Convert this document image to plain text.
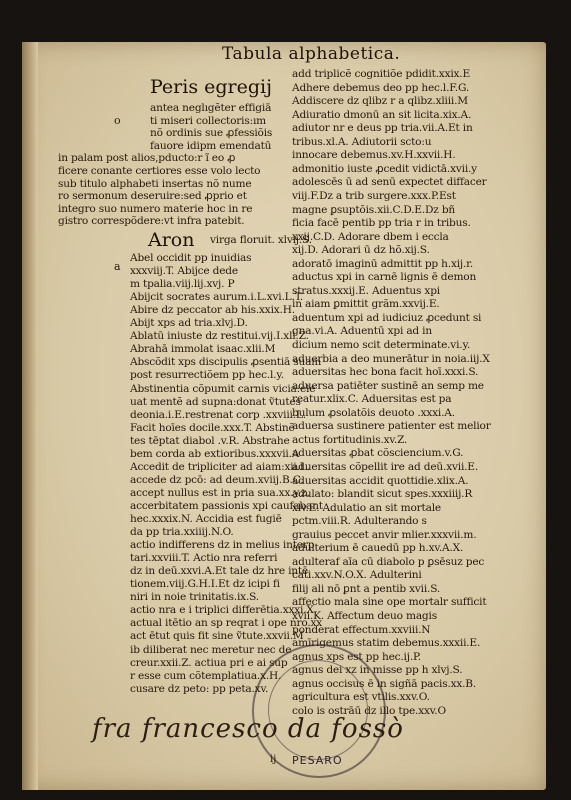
Tabula alphabetica.
Peris egregij
antea neglıgẽter effigiā
ti miseri collectoris:ım
nõ ordinis sue ꝓfessiõis
fauore idipm emendatū
in palam post alios,pducto:r ĩ eo ꝓ
ficere conante certiores esse volo lecto
sub titulo alphabeti insertas nõ nume
ro sermonum deseruire:sed ꝓprio et
integro suo numero materie hoc in re
gistro correspõdere:vt infra patebit.
Aron virga floruit. xlvij.S.
Abel occidit pp inuidias
xxxviij.T. Abijce dede
m tpalia.viij.lij.xvj. P
Abijcit socrates aurum.i.L.xvi.L.T.
Abire dz peccator ab his.xxix.H.
Abijt xps ad tria.xlvj.D.
Ablatū iniuste dz restitui.vij.I.xli.Z.
Abrahā immolat isaac.xlii.M
Abscõdit xps discipulis ꝓsentiā suam
post resurrectiõem pp hec.l.y.
Abstinentia cõpumit carnis vicia:ele
uat mentẽ ad supna:donat ṽtutes
deonia.i.E.restrenat corp .xxviii.L.
Facit hoīes docile.xxx.T. Abstinẽ
tes tēptat diabol .v.R. Abstrahe
bem corda ab extioribus.xxxvii.A
Accedit de tripliciter ad aiam:xii.L.
accede dz pcō: ad deum.xviij.B.C.
accept nullus est in pria sua.xx.y.z.
accerbitatem passionis xpi caufabant
hec.xxxix.N. Accidia est fugiē
da pp tria.xxiiij.N.O.
actio indifferens dz in melius interp
tari.xxviii.T. Actio nra referri
dz in deū.xxvi.A.Et tale dz hre intē
tionem.viij.G.H.I.Et dz icipi fi
niri in noie trinitatis.ix.S.
actio nra e i triplici differētia.xxxi.X.
actual itētio an sp reqrat i ope nro.xx
act ētut quis fit sine ṽtute.xxvii.M
ib diliberat nec meretur nec de
creur.xxii.Z. actiua pri e ai sup
r esse cum cõtemplatiua.x.H.
cusare dz peto: pp peta.xv.
add triplicẽ cognitiõe pdidit.xxix.E
Adhere debemus deo pp hec.l.F.G.
Addiscere dz qlibz r a qlibz.xliii.M
Adiuratio dmonū an sit licita.xix.A.
adiutor nr e deus pp tria.vii.A.Et in
tribus.xl.A. Adiutorii scto:u
innocare debemus.xv.H.xxvii.H.
admonitio iuste ꝓcedit vidictā.xvii.y
adolescēs ū ad senū expectet diffacer
viij.F.Dz a trib surgere.xxx.P.Est
magne ꝑsuptõis.xii.C.D.E.Dz bñ
ficia facē pentib pp tria r in tribus.
xxij.C.D. Adorare dbem i eccla
xij.D. Adorari ū dz hõ.xij.S.
adoratō imaginū admittit pp h.xij.r.
aductus xpi in carnē lignis ē demon
stratus.xxxij.E. Aduentus xpi
in aiam ꝑmittit grãm.xxvij.E.
aduentum xpi ad iudiciuz ꝓcedunt si
gna.vi.A. Aduentū xpi ad in
dicium nemo scit determinate.vi.y.
aduerbia a deo munerātur in noia.iij.X
aduersitas hec bona facit hoī.xxxi.S.
aduersa patiēter sustinē an semp me
reatur.xlix.C. Aduersitas est pa
bulum ꝓsolatõis deuoto .xxxi.A.
aduersa sustinere patienter est melior
actus fortitudinis.xv.Z.
aduersitas ꝓbat cõsciencium.v.G.
aduersitas cõpellit ire ad deū.xvii.E.
aduersitas accidit quottidie.xlix.A.
adulato: blandit sicut spes.xxxiiij.R
xlv.E. Adulatio an sit mortale
pctm.viii.R. Adulterando s
grauius peccet anvir mlier.xxxvii.m.
adulterium ē cauedū pp h.xv.A.X.
adulteraf aīa cū diabolo p ꝑsēsuz pec
cati.xxv.N.O.X. Adulterini
filij ali nō ꝑnt a pentib xvii.S.
affectio mala sine ope mortalr sufficit
xvii.K. Affectum deuo magis
ponderat effectum.xxviii.N
amīrigemus statim debemus.xxxii.E.
agnus xps est pp hec.ij.P.
agnus dei xz in misse pp h xlvj.S.
agnus occisus ē in sigñā pacis.xx.B.
agricultura est vtilis.xxv.O.
colo is ostrāū dz illo tpe.xxv.O
o
a
PESARO
fra francesco da fossò
ij
